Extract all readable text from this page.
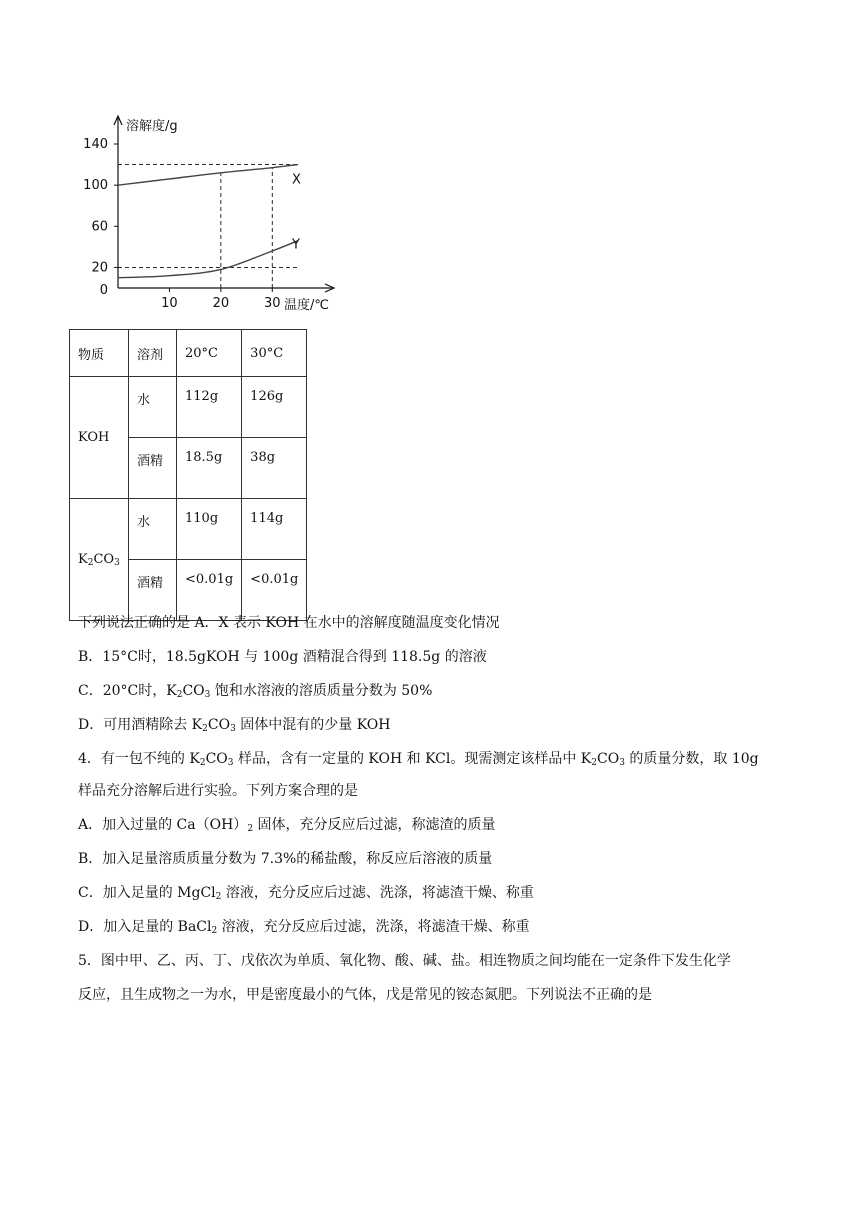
140
100
60
20
10	20	30
0
溶解度/g
温度/℃
X
Y
物质	溶剂	20°C	30°C
KOH	水	112g	126g
	酒精	18.5g	38g
$K_2CO_3$	水	110g	114g
	酒精	<0.01g	<0.01g
下列说法正确的是 A．X 表示 KOH 在水中的溶解度随温度变化情况
B．15°C时，18.5gKOH 与 100g 酒精混合得到 118.5g 的溶液
C．20°C时，$K_2CO_3$ 饱和水溶液的溶质质量分数为 50%
D．可用酒精除去 $K_2CO_3$ 固体中混有的少量 KOH
4．有一包不纯的 $K_2CO_3$ 样品，含有一定量的 KOH 和 KCl。现需测定该样品中 $K_2CO_3$ 的质量分数，取 10g
样品充分溶解后进行实验。下列方案合理的是
A．加入过量的 $Ca(OH)_2$ 固体，充分反应后过滤，称滤渣的质量
B．加入足量溶质质量分数为 7.3%的稀盐酸，称反应后溶液的质量
C．加入足量的 MgCl$_2$ 溶液，充分反应后过滤、洗涤，将滤渣干燥、称重
D．加入足量的 BaCl$_2$ 溶液，充分反应后过滤，洗涤，将滤渣干燥、称重
5．图中甲、乙、丙、丁、戊依次为单质、氧化物、酸、碱、盐。相连物质之间均能在一定条件下发生化学
反应，且生成物之一为水，甲是密度最小的气体，戊是常见的铵态氮肥。下列说法不正确的是
